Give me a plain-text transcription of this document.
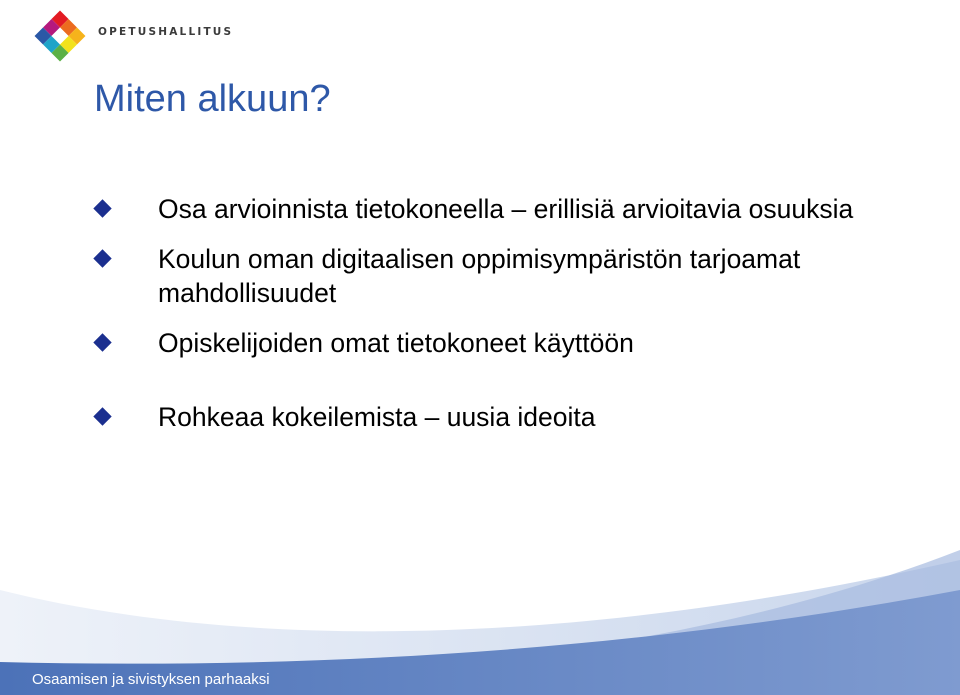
OPETUSHALLITUS
Miten alkuun?
Osa arvioinnista tietokoneella – erillisiä arvioitavia osuuksia
Koulun oman digitaalisen oppimisympäristön tarjoamat mahdollisuudet
Opiskelijoiden omat tietokoneet käyttöön
Rohkeaa kokeilemista – uusia ideoita
Osaamisen ja sivistyksen parhaaksi
